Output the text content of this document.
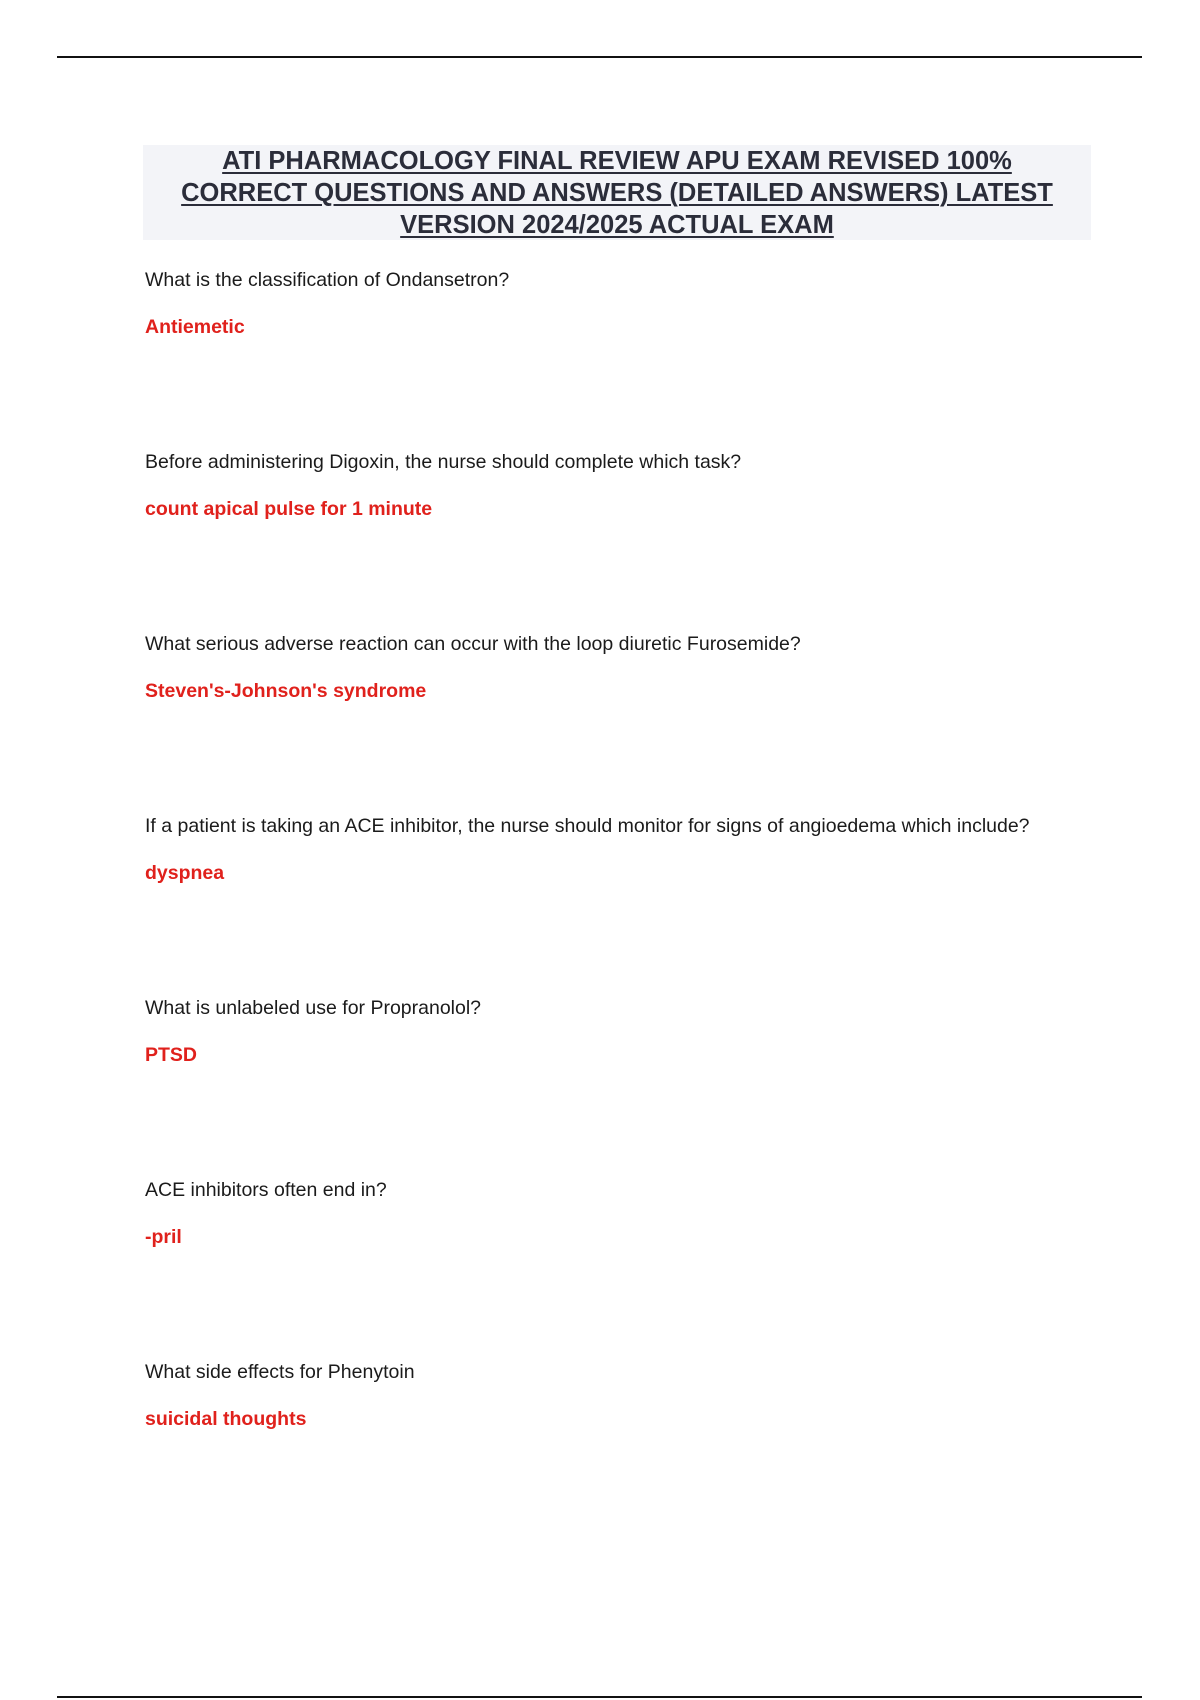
ATI PHARMACOLOGY FINAL REVIEW APU EXAM REVISED 100%
CORRECT QUESTIONS AND ANSWERS (DETAILED ANSWERS) LATEST
VERSION 2024/2025 ACTUAL EXAM

What is the classification of Ondansetron?

Antiemetic

Before administering Digoxin, the nurse should complete which task?

count apical pulse for 1 minute

What serious adverse reaction can occur with the loop diuretic Furosemide?

Steven's-Johnson's syndrome

If a patient is taking an ACE inhibitor, the nurse should monitor for signs of angioedema which include?

dyspnea

What is unlabeled use for Propranolol?

PTSD

ACE inhibitors often end in?

-pril

What side effects for Phenytoin

suicidal thoughts
